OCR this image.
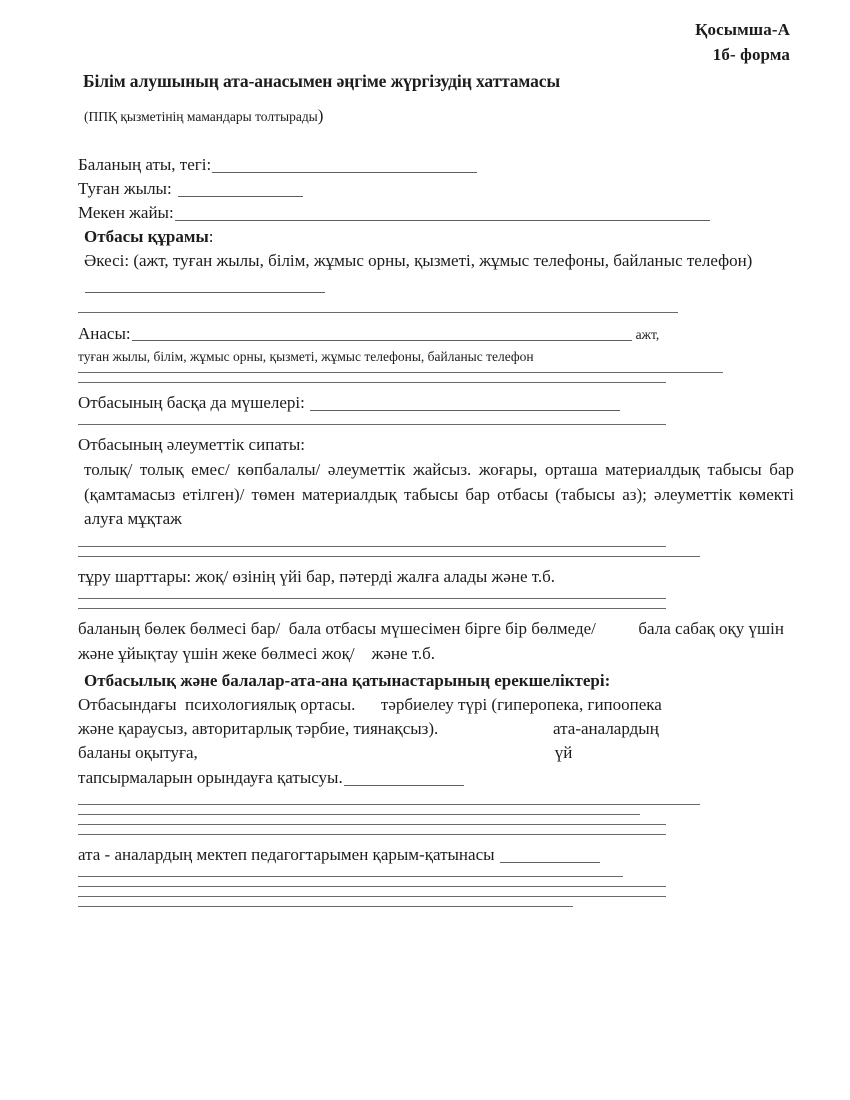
Қосымша-А
1б- форма
Білім алушының ата-анасымен әңгіме жүргізудің хаттамасы

(ППҚ қызметінің мамандары толтырады)

Баланың аты, тегі:

Туған жылы:

Мекен жайы:

Отбасы құрамы:

Әкесі: (ажт, туған жылы, білім, жұмыс орны, қызметі, жұмыс телефоны, байланыс телефон)

Анасы:	ажт,

туған жылы, білім, жұмыс орны, қызметі, жұмыс телефоны, байланыс телефон

Отбасының басқа да мүшелері:

Отбасының әлеуметтік сипаты:

толық/ толық емес/ көпбалалы/ әлеуметтік жайсыз. жоғары, орташа материалдық табысы бар (қамтамасыз етілген)/ төмен материалдық табысы бар отбасы (табысы аз); әлеуметтік көмекті алуға мұқтаж

тұру шарттары: жоқ/ өзінің үйі бар, пәтерді жалға алады және т.б.

баланың бөлек бөлмесі бар/  бала отбасы мүшесімен бірге бір бөлмеде/          бала сабақ оқу үшін және ұйықтау үшін жеке бөлмесі жоқ/    және т.б.

Отбасылық және балалар-ата-ана қатынастарының ерекшеліктері:

Отбасындағы  психологиялық ортасы.      тәрбиелеу түрі (гиперопека, гипоопека

және қараусыз, авторитарлық тәрбие, тиянақсыз).                           ата-аналардың

баланы оқытуға,                                                                                    үй

тапсырмаларын орындауға қатысуы.

ата - аналардың мектеп педагогтарымен қарым-қатынасы
